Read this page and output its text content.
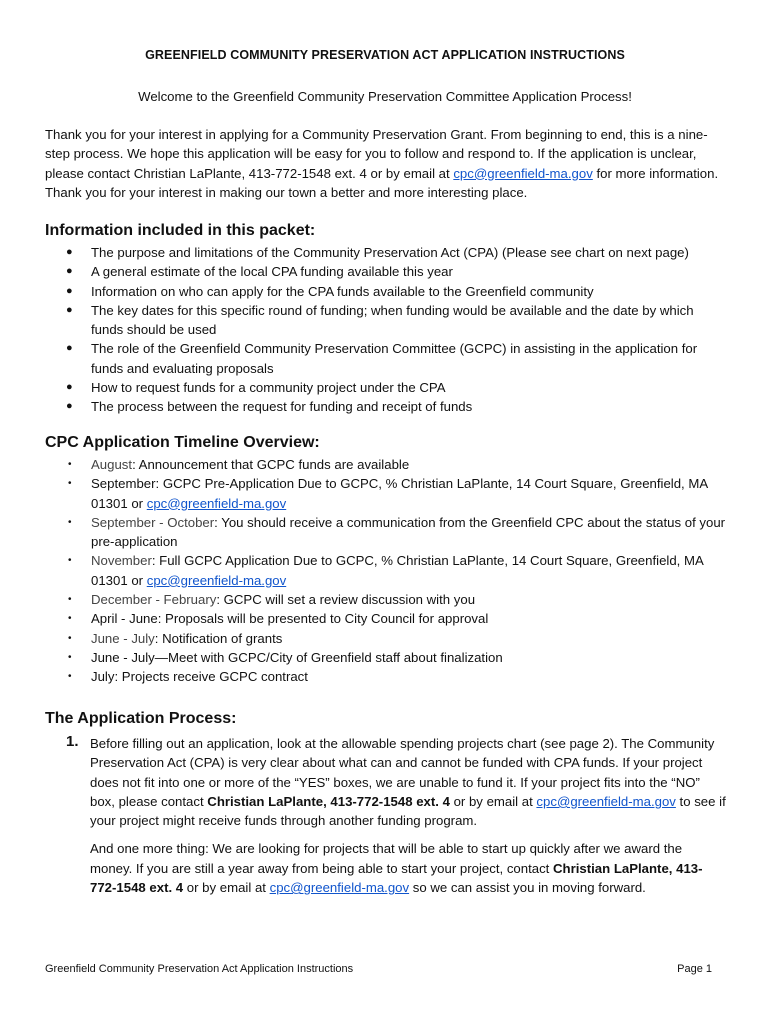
GREENFIELD COMMUNITY PRESERVATION ACT APPLICATION INSTRUCTIONS
Welcome to the Greenfield Community Preservation Committee Application Process!

Thank you for your interest in applying for a Community Preservation Grant. From beginning to end, this is a nine-step process. We hope this application will be easy for you to follow and respond to. If the application is unclear, please contact Christian LaPlante, 413-772-1548 ext. 4 or by email at cpc@greenfield-ma.gov for more information. Thank you for your interest in making our town a better and more interesting place.

Information included in this packet:
● The purpose and limitations of the Community Preservation Act (CPA) (Please see chart on next page)
● A general estimate of the local CPA funding available this year
● Information on who can apply for the CPA funds available to the Greenfield community
● The key dates for this specific round of funding; when funding would be available and the date by which funds should be used
● The role of the Greenfield Community Preservation Committee (GCPC) in assisting in the application for funds and evaluating proposals
● How to request funds for a community project under the CPA
● The process between the request for funding and receipt of funds
CPC Application Timeline Overview:
• August: Announcement that GCPC funds are available
• September: GCPC Pre-Application Due to GCPC, % Christian LaPlante, 14 Court Square, Greenfield, MA 01301 or cpc@greenfield-ma.gov
• September - October: You should receive a communication from the Greenfield CPC about the status of your pre-application
• November: Full GCPC Application Due to GCPC, % Christian LaPlante, 14 Court Square, Greenfield, MA 01301 or cpc@greenfield-ma.gov
• December - February: GCPC will set a review discussion with you
• April - June: Proposals will be presented to City Council for approval
• June - July: Notification of grants
• June - July—Meet with GCPC/City of Greenfield staff about finalization
• July: Projects receive GCPC contract
The Application Process:
1. Before filling out an application, look at the allowable spending projects chart (see page 2). The Community Preservation Act (CPA) is very clear about what can and cannot be funded with CPA funds. If your project does not fit into one or more of the “YES” boxes, we are unable to fund it. If your project fits into the “NO” box, please contact Christian LaPlante, 413-772-1548 ext. 4 or by email at cpc@greenfield-ma.gov to see if your project might receive funds through another funding program.

And one more thing: We are looking for projects that will be able to start up quickly after we award the money. If you are still a year away from being able to start your project, contact Christian LaPlante, 413-772-1548 ext. 4 or by email at cpc@greenfield-ma.gov so we can assist you in moving forward.

Greenfield Community Preservation Act Application Instructions	Page 1
